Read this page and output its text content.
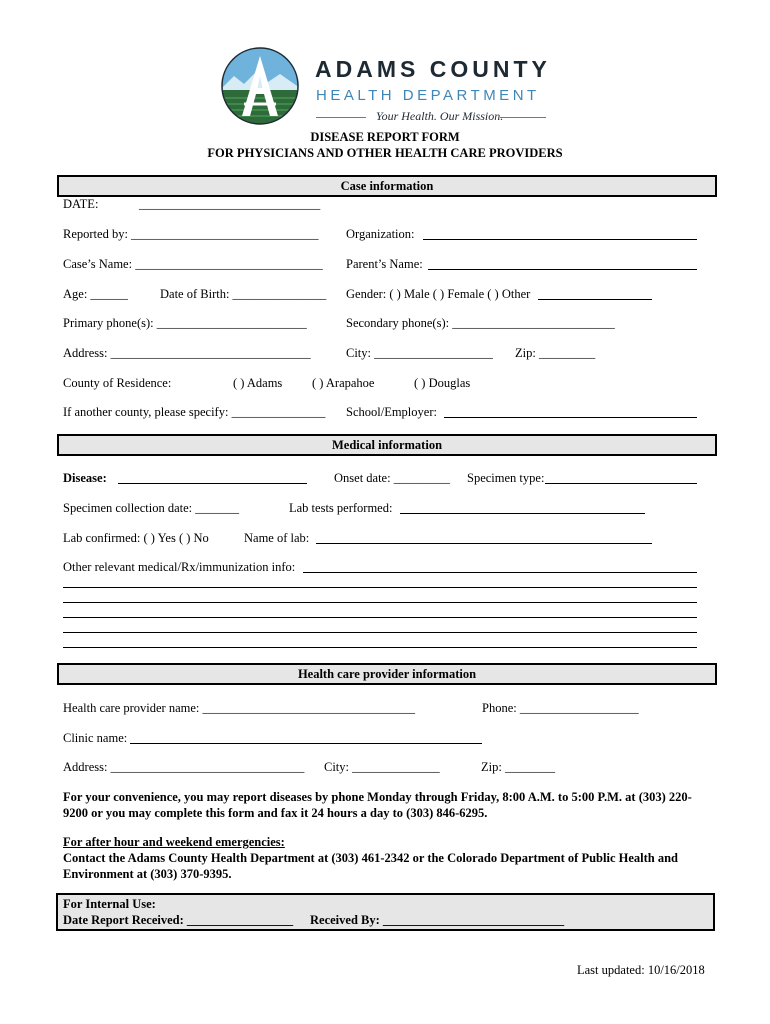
ADAMS COUNTY
HEALTH DEPARTMENT
Your Health. Our Mission.
DISEASE REPORT FORM
FOR PHYSICIANS AND OTHER HEALTH CARE PROVIDERS
Case information
DATE:	_____________________________
Reported by: ______________________________ Organization:
Case’s Name: ______________________________ Parent’s Name:
Age: ______	Date of Birth: _______________ Gender: ( ) Male ( ) Female ( ) Other
Primary phone(s): ________________________	Secondary phone(s): __________________________
Address: ________________________________	City: ___________________ Zip: _________
County of Residence:	( ) Adams ( ) Arapahoe	( ) Douglas
If another county, please specify: _______________ School/Employer:
Medical information
Disease:	Onset date: _________ Specimen type:
Specimen collection date: _______	Lab tests performed:
Lab confirmed: ( ) Yes ( ) No	Name of lab:
Other relevant medical/Rx/immunization info:
Health care provider information
Health care provider name: __________________________________	Phone: ___________________
Clinic name:
Address: _______________________________ City: ______________	Zip: ________
For your convenience, you may report diseases by phone Monday through Friday, 8:00 A.M. to 5:00 P.M. at (303) 220-
9200 or you may complete this form and fax it 24 hours a day to (303) 846-6295.
For after hour and weekend emergencies:
Contact the Adams County Health Department at (303) 461-2342 or the Colorado Department of Public Health and
Environment at (303) 370-9395.
For Internal Use:
Date Report Received: _________________ Received By: _____________________________
Last updated: 10/16/2018
